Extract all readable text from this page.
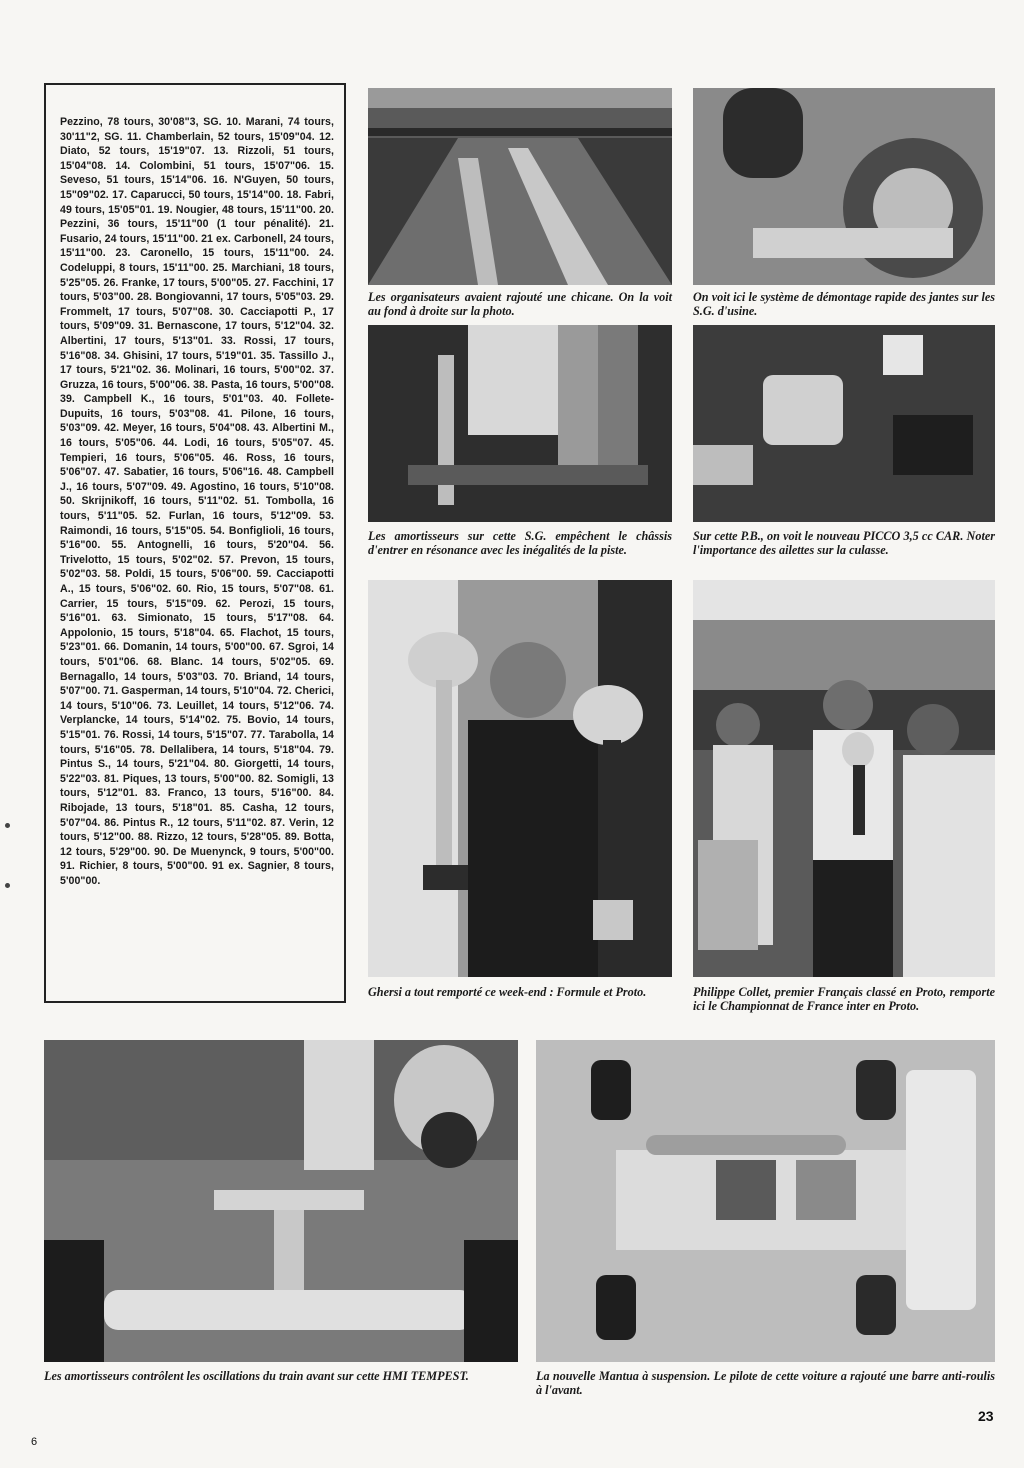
Pezzino, 78 tours, 30'08"3, SG. 10. Marani, 74 tours, 30'11"2, SG. 11. Chamberlain, 52 tours, 15'09"04. 12. Diato, 52 tours, 15'19"07. 13. Rizzoli, 51 tours, 15'04"08. 14. Colombini, 51 tours, 15'07"06. 15. Seveso, 51 tours, 15'14"06. 16. N'Guyen, 50 tours, 15"09"02. 17. Caparucci, 50 tours, 15'14"00. 18. Fabri, 49 tours, 15'05"01. 19. Nougier, 48 tours, 15'11"00. 20. Pezzini, 36 tours, 15'11"00 (1 tour pénalité). 21. Fusario, 24 tours, 15'11"00. 21 ex. Carbonell, 24 tours, 15'11"00. 23. Caronello, 15 tours, 15'11"00. 24. Codeluppi, 8 tours, 15'11"00. 25. Marchiani, 18 tours, 5'25"05. 26. Franke, 17 tours, 5'00"05. 27. Facchini, 17 tours, 5'03"00. 28. Bongiovanni, 17 tours, 5'05"03. 29. Frommelt, 17 tours, 5'07"08. 30. Cacciapotti P., 17 tours, 5'09"09. 31. Bernascone, 17 tours, 5'12"04. 32. Albertini, 17 tours, 5'13"01. 33. Rossi, 17 tours, 5'16"08. 34. Ghisini, 17 tours, 5'19"01. 35. Tassillo J., 17 tours, 5'21"02. 36. Molinari, 16 tours, 5'00"02. 37. Gruzza, 16 tours, 5'00"06. 38. Pasta, 16 tours, 5'00"08. 39. Campbell K., 16 tours, 5'01"03. 40. Follete-Dupuits, 16 tours, 5'03"08. 41. Pilone, 16 tours, 5'03"09. 42. Meyer, 16 tours, 5'04"08. 43. Albertini M., 16 tours, 5'05"06. 44. Lodi, 16 tours, 5'05"07. 45. Tempieri, 16 tours, 5'06"05. 46. Ross, 16 tours, 5'06"07. 47. Sabatier, 16 tours, 5'06"16. 48. Campbell J., 16 tours, 5'07"09. 49. Agostino, 16 tours, 5'10"08. 50. Skrijnikoff, 16 tours, 5'11"02. 51. Tombolla, 16 tours, 5'11"05. 52. Furlan, 16 tours, 5'12"09. 53. Raimondi, 16 tours, 5'15"05. 54. Bonfiglioli, 16 tours, 5'16"00. 55. Antognelli, 16 tours, 5'20"04. 56. Trivelotto, 15 tours, 5'02"02. 57. Prevon, 15 tours, 5'02"03. 58. Poldi, 15 tours, 5'06"00. 59. Cacciapotti A., 15 tours, 5'06"02. 60. Rio, 15 tours, 5'07"08. 61. Carrier, 15 tours, 5'15"09. 62. Perozi, 15 tours, 5'16"01. 63. Simionato, 15 tours, 5'17"08. 64. Appolonio, 15 tours, 5'18"04. 65. Flachot, 15 tours, 5'23"01. 66. Domanin, 14 tours, 5'00"00. 67. Sgroi, 14 tours, 5'01"06. 68. Blanc. 14 tours, 5'02"05. 69. Bernagallo, 14 tours, 5'03"03. 70. Briand, 14 tours, 5'07"00. 71. Gasperman, 14 tours, 5'10"04. 72. Cherici, 14 tours, 5'10"06. 73. Leuillet, 14 tours, 5'12"06. 74. Verplancke, 14 tours, 5'14"02. 75. Bovio, 14 tours, 5'15"01. 76. Rossi, 14 tours, 5'15"07. 77. Tarabolla, 14 tours, 5'16"05. 78. Dellalibera, 14 tours, 5'18"04. 79. Pintus S., 14 tours, 5'21"04. 80. Giorgetti, 14 tours, 5'22"03. 81. Piques, 13 tours, 5'00"00. 82. Somigli, 13 tours, 5'12"01. 83. Franco, 13 tours, 5'16"00. 84. Ribojade, 13 tours, 5'18"01. 85. Casha, 12 tours, 5'07"04. 86. Pintus R., 12 tours, 5'11"02. 87. Verin, 12 tours, 5'12"00. 88. Rizzo, 12 tours, 5'28"05. 89. Botta, 12 tours, 5'29"00. 90. De Muenynck, 9 tours, 5'00"00. 91. Richier, 8 tours, 5'00"00. 91 ex. Sagnier, 8 tours, 5'00"00.
Les organisateurs avaient rajouté une chicane. On la voit au fond à droite sur la photo.
On voit ici le système de démontage rapide des jantes sur les S.G. d'usine.
Les amortisseurs sur cette S.G. empêchent le châssis d'entrer en résonance avec les inégalités de la piste.
Sur cette P.B., on voit le nouveau PICCO 3,5 cc CAR. Noter l'importance des ailettes sur la culasse.
Ghersi a tout remporté ce week-end : Formule et Proto.	Philippe Collet, premier Français classé en Proto, remporte ici le Championnat de France inter en Proto.
Les amortisseurs contrôlent les oscillations du train avant sur cette HMI TEMPEST.	La nouvelle Mantua à suspension. Le pilote de cette voiture a rajouté une barre anti-roulis à l'avant.
23
6
